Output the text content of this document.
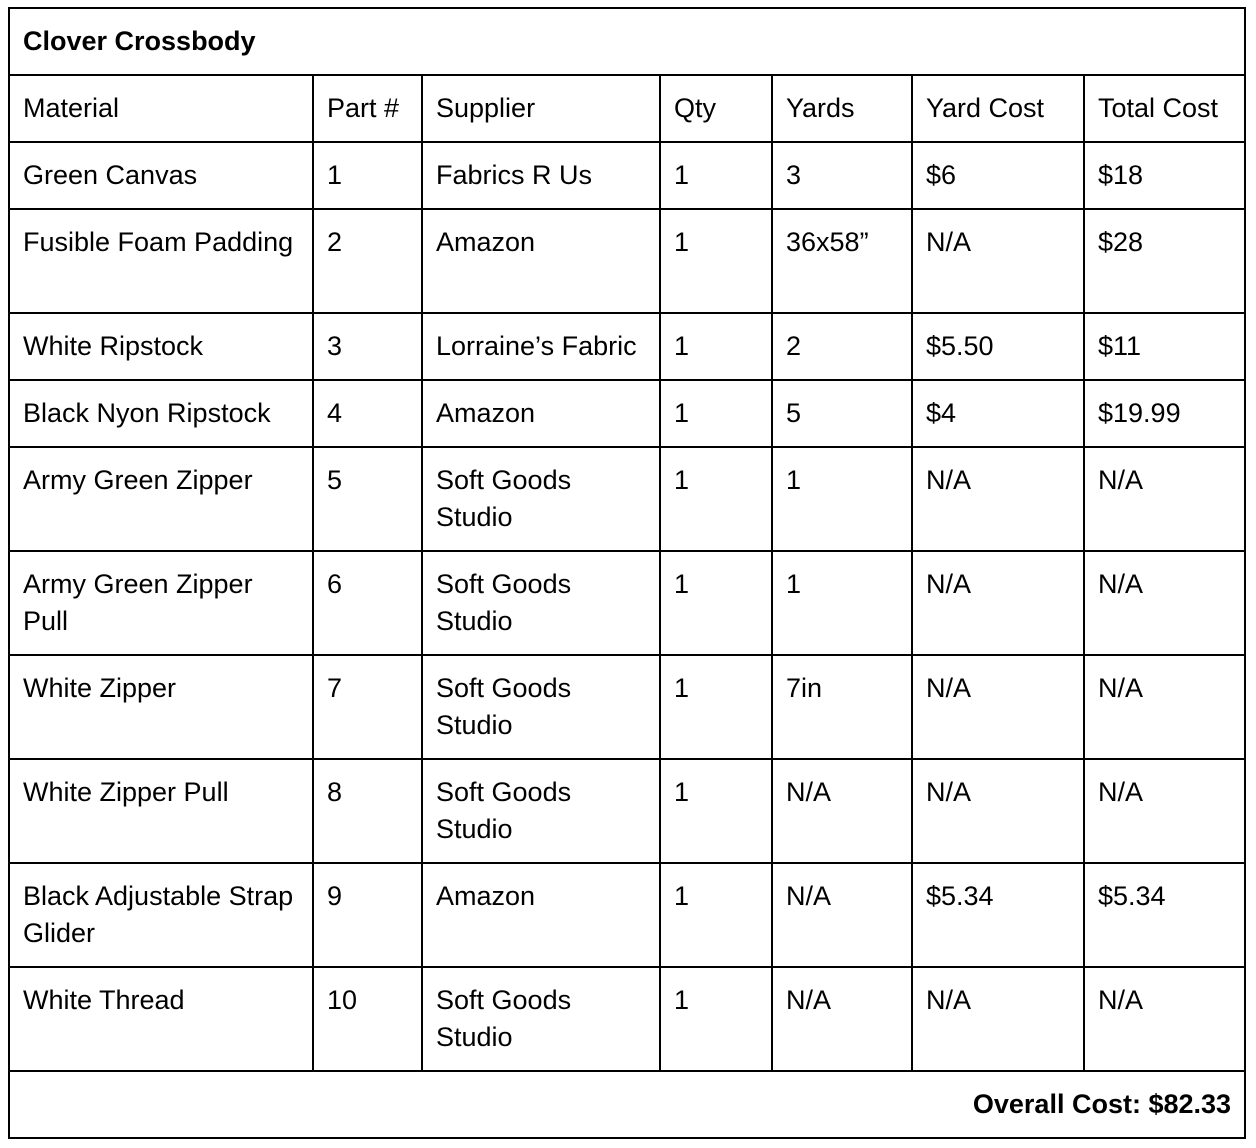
Clover Crossbody						
Material	Part #	Supplier	Qty	Yards	Yard Cost	Total Cost
Green Canvas	1	Fabrics R Us	1	3	$6	$18
Fusible Foam Padding	2	Amazon	1	36x58”	N/A	$28
White Ripstock	3	Lorraine’s Fabric	1	2	$5.50	$11
Black Nyon Ripstock	4	Amazon	1	5	$4	$19.99
Army Green Zipper	5	Soft Goods Studio	1	1	N/A	N/A
Army Green Zipper Pull	6	Soft Goods Studio	1	1	N/A	N/A
White Zipper	7	Soft Goods Studio	1	7in	N/A	N/A
White Zipper Pull	8	Soft Goods Studio	1	N/A	N/A	N/A
Black Adjustable Strap Glider	9	Amazon	1	N/A	$5.34	$5.34
White Thread	10	Soft Goods Studio	1	N/A	N/A	N/A
Overall Cost: $82.33						
